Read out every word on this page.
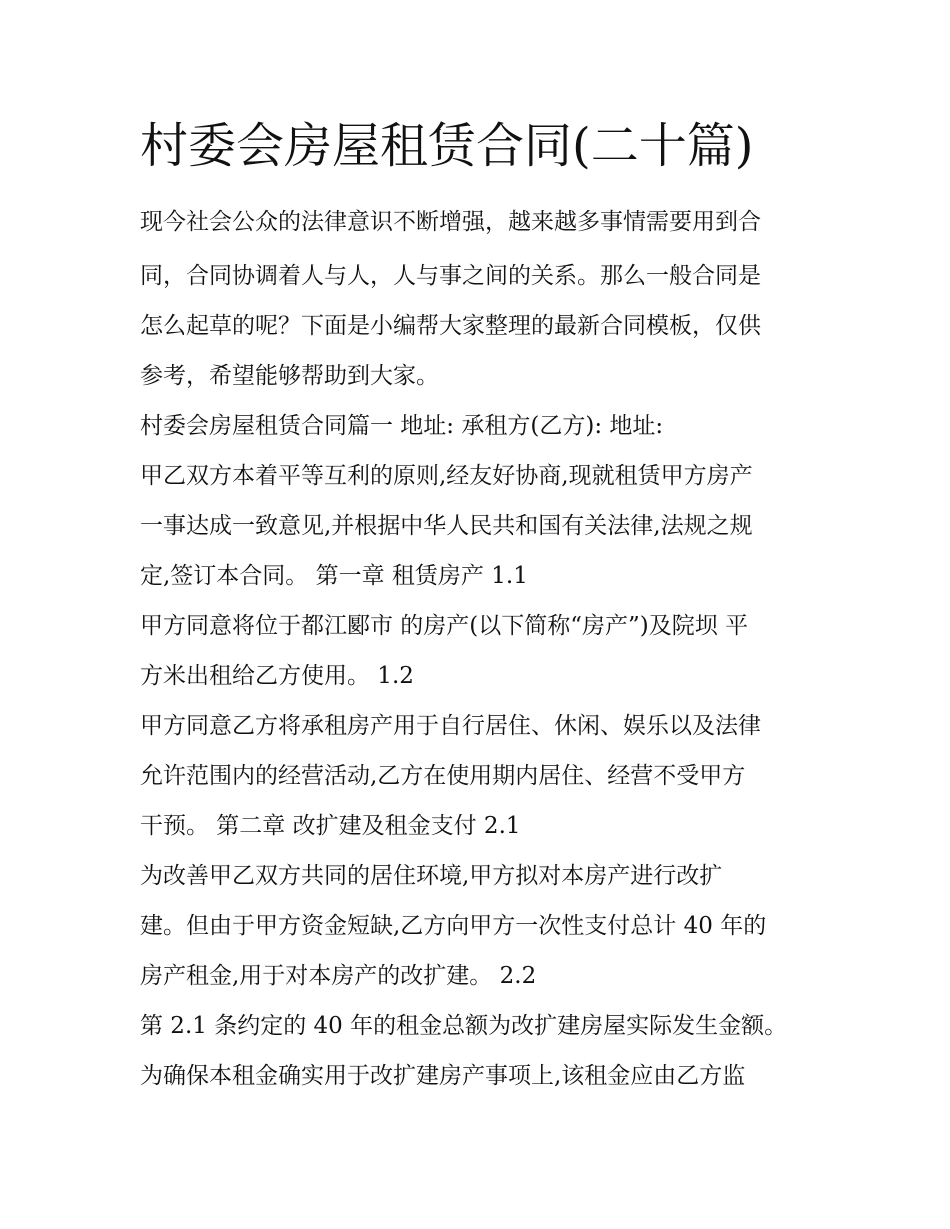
村委会房屋租赁合同(二十篇)
现今社会公众的法律意识不断增强，越来越多事情需要用到合
同，合同协调着人与人，人与事之间的关系。那么一般合同是
怎么起草的呢？下面是小编帮大家整理的最新合同模板，仅供
参考，希望能够帮助到大家。
村委会房屋租赁合同篇一 地址: 承租方(乙方): 地址:
甲乙双方本着平等互利的原则,经友好协商,现就租赁甲方房产
一事达成一致意见,并根据中华人民共和国有关法律,法规之规
定,签订本合同。 第一章 租赁房产 1.1
甲方同意将位于都江郾市 的房产(以下简称“房产”)及院坝 平
方米出租给乙方使用。 1.2
甲方同意乙方将承租房产用于自行居住、休闲、娱乐以及法律
允许范围内的经营活动,乙方在使用期内居住、经营不受甲方
干预。 第二章 改扩建及租金支付 2.1
为改善甲乙双方共同的居住环境,甲方拟对本房产进行改扩
建。但由于甲方资金短缺,乙方向甲方一次性支付总计 40 年的
房产租金,用于对本房产的改扩建。 2.2
第 2.1 条约定的 40 年的租金总额为改扩建房屋实际发生金额。
为确保本租金确实用于改扩建房产事项上,该租金应由乙方监
